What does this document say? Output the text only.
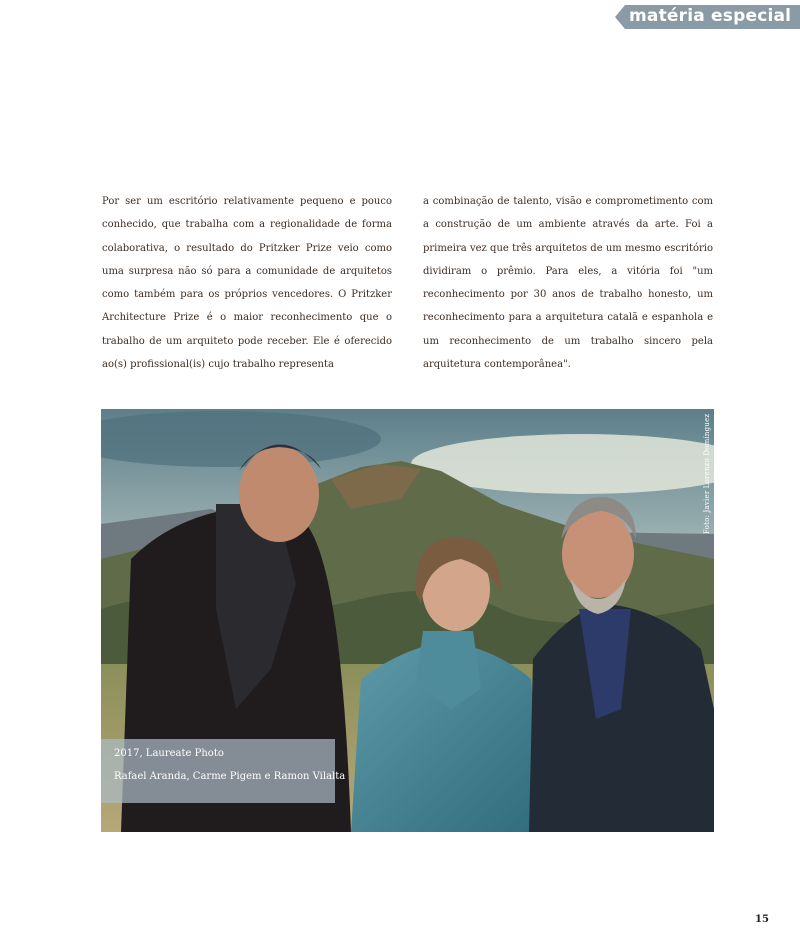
matéria especial

Por ser um escritório relativamente pequeno e pouco conhecido, que trabalha com a regionalidade de forma colaborativa, o resultado do Pritzker Prize veio como uma surpresa não só para a comunidade de arquitetos como também para os próprios vencedores. O Pritzker Architecture Prize é o maior reconhecimento que o trabalho de um arquiteto pode receber. Ele é oferecido ao(s) profissional(is) cujo trabalho representa

a combinação de talento, visão e comprometimento com a construção de um ambiente através da arte. Foi a primeira vez que três arquitetos de um mesmo escritório dividiram o prêmio. Para eles, a vitória foi "um reconhecimento por 30 anos de trabalho honesto, um reconhecimento para a arquitetura catalã e espanhola e um reconhecimento de um trabalho sincero pela arquitetura contemporânea".

Foto: Javier Lorenzo Domínguez
2017, Laureate Photo
Rafael Aranda, Carme Pigem e Ramon Vilalta
15
